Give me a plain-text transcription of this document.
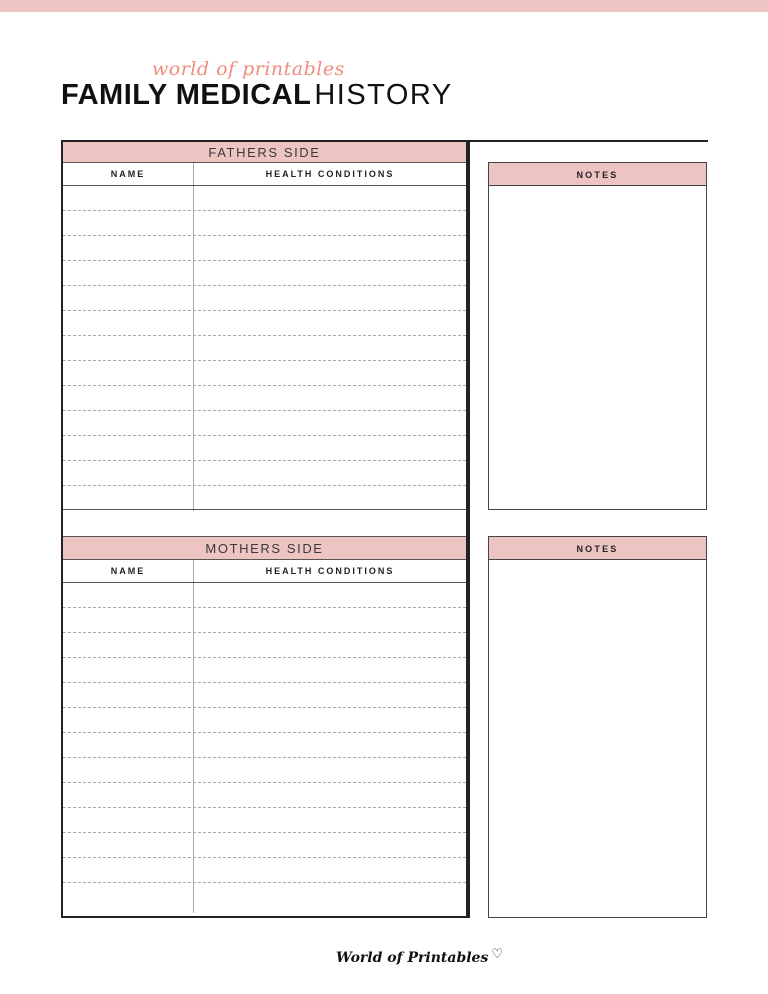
world of printables
FAMILY MEDICAL HISTORY
FATHERS SIDE
NAME	HEALTH CONDITIONS
MOTHERS SIDE
NAME	HEALTH CONDITIONS
NOTES
NOTES
World of Printables ♡
